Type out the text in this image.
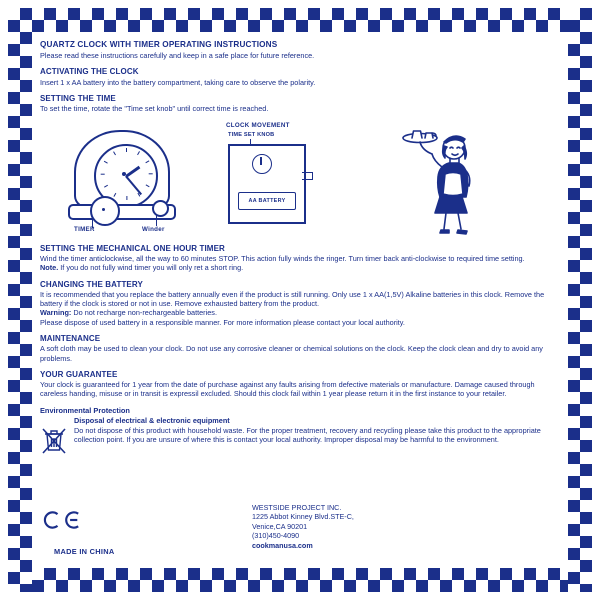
QUARTZ CLOCK WITH TIMER OPERATING INSTRUCTIONS

Please read these instructions carefully and keep in a safe place for future reference.

ACTIVATING THE CLOCK

Insert 1 x AA battery into the battery compartment, taking care to observe the polarity.

SETTING THE TIME

To set the time, rotate the "Time set knob" until correct time is reached.

TIMER	Winder
CLOCK MOVEMENT
TIME SET KNOB
AA BATTERY

SETTING THE MECHANICAL ONE HOUR TIMER

Wind the timer anticlockwise, all the way to 60 minutes STOP. This action fully winds the ringer. Turn timer back anti-clockwise to required time setting.

Note. If you do not fully wind timer you will only ret a short ring.

CHANGING THE BATTERY

It is recommended that you replace the battery annually even if the product is still running. Only use 1 x AA(1,5V) Alkaline batteries in this clock. Remove the battery if the clock is stored or not in use. Remove exhausted battery from the product.

Warning: Do not recharge non-rechargeable batteries.

Please dispose of used battery in a responsible manner. For more information please contact your local authority.

MAINTENANCE

A soft cloth may be used to clean your clock. Do not use any corrosive cleaner or chemical solutions on the clock. Keep the clock clean and dry to avoid any problems.

YOUR GUARANTEE

Your clock is guaranteed for 1 year from the date of purchase against any faults arising from defective materials or manufacture. Damage caused through careless handing, misuse or in transit is expressil excluded. Should this clock fail within 1 year please return it in the first instance to your retailer.

Environmental Protection

Disposal of electrical & electronic equipment

Do not dispose of this product with household waste. For the proper treatment, recovery and recycling please take this product to the appropriate collection point. If you are unsure of where this is contact your local authority. Improper disposal may be harmful to the environment.

MADE IN CHINA
WESTSIDE PROJECT INC.
1225 Abbot Kinney Blvd.STE-C,
Venice,CA 90201
(310)450-4090
cookmanusa.com
